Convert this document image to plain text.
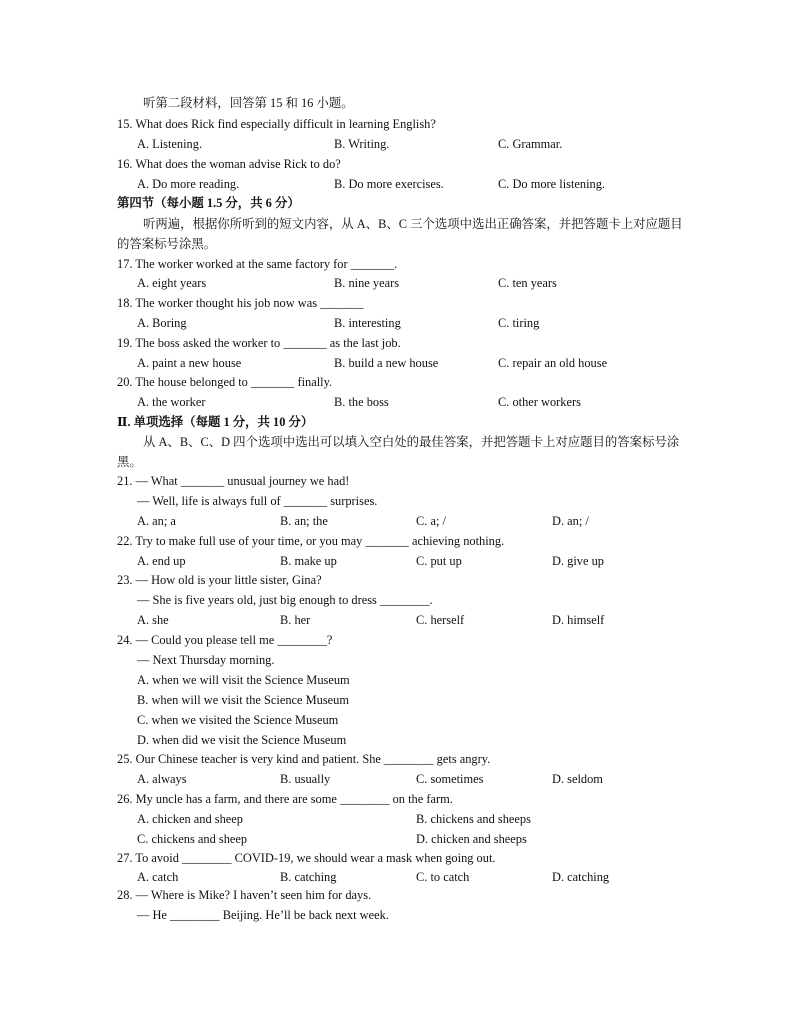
听第二段材料，回答第 15 和 16 小题。
15. What does Rick find especially difficult in learning English?
A. Listening.	B. Writing.	C. Grammar.
16. What does the woman advise Rick to do?
A. Do more reading.	B. Do more exercises.	C. Do more listening.
第四节（每小题 1.5 分，共 6 分）
听两遍，根据你所听到的短文内容，从 A、B、C 三个选项中选出正确答案，并把答题卡上对应题目的答案标号涂黑。
17. The worker worked at the same factory for _______.
A. eight years	B. nine years	C. ten years
18. The worker thought his job now was _______
A. Boring	B. interesting	C. tiring
19. The boss asked the worker to _______ as the last job.
A. paint a new house	B. build a new house	C. repair an old house
20. The house belonged to _______ finally.
A. the worker	B. the boss	C. other workers
Ⅱ. 单项选择（每题 1 分，共 10 分）
从 A、B、C、D 四个选项中选出可以填入空白处的最佳答案，并把答题卡上对应题目的答案标号涂黑。
21. — What _______ unusual journey we had!
— Well, life is always full of _______ surprises.
A. an; a	B. an; the	C. a; /	D. an; /
22. Try to make full use of your time, or you may _______ achieving nothing.
A. end up	B. make up	C. put up	D. give up
23. — How old is your little sister, Gina?
— She is five years old, just big enough to dress ________.
A. she	B. her	C. herself	D. himself
24. — Could you please tell me ________?
— Next Thursday morning.
A. when we will visit the Science Museum
B. when will we visit the Science Museum
C. when we visited the Science Museum
D. when did we visit the Science Museum
25. Our Chinese teacher is very kind and patient. She ________ gets angry.
A. always	B. usually	C. sometimes	D. seldom
26. My uncle has a farm, and there are some ________ on the farm.
A. chicken and sheep	B. chickens and sheeps
C. chickens and sheep	D. chicken and sheeps
27. To avoid ________ COVID-19, we should wear a mask when going out.
A. catch	B. catching	C. to catch	D. catching
28. — Where is Mike? I haven’t seen him for days.
— He ________ Beijing. He’ll be back next week.
